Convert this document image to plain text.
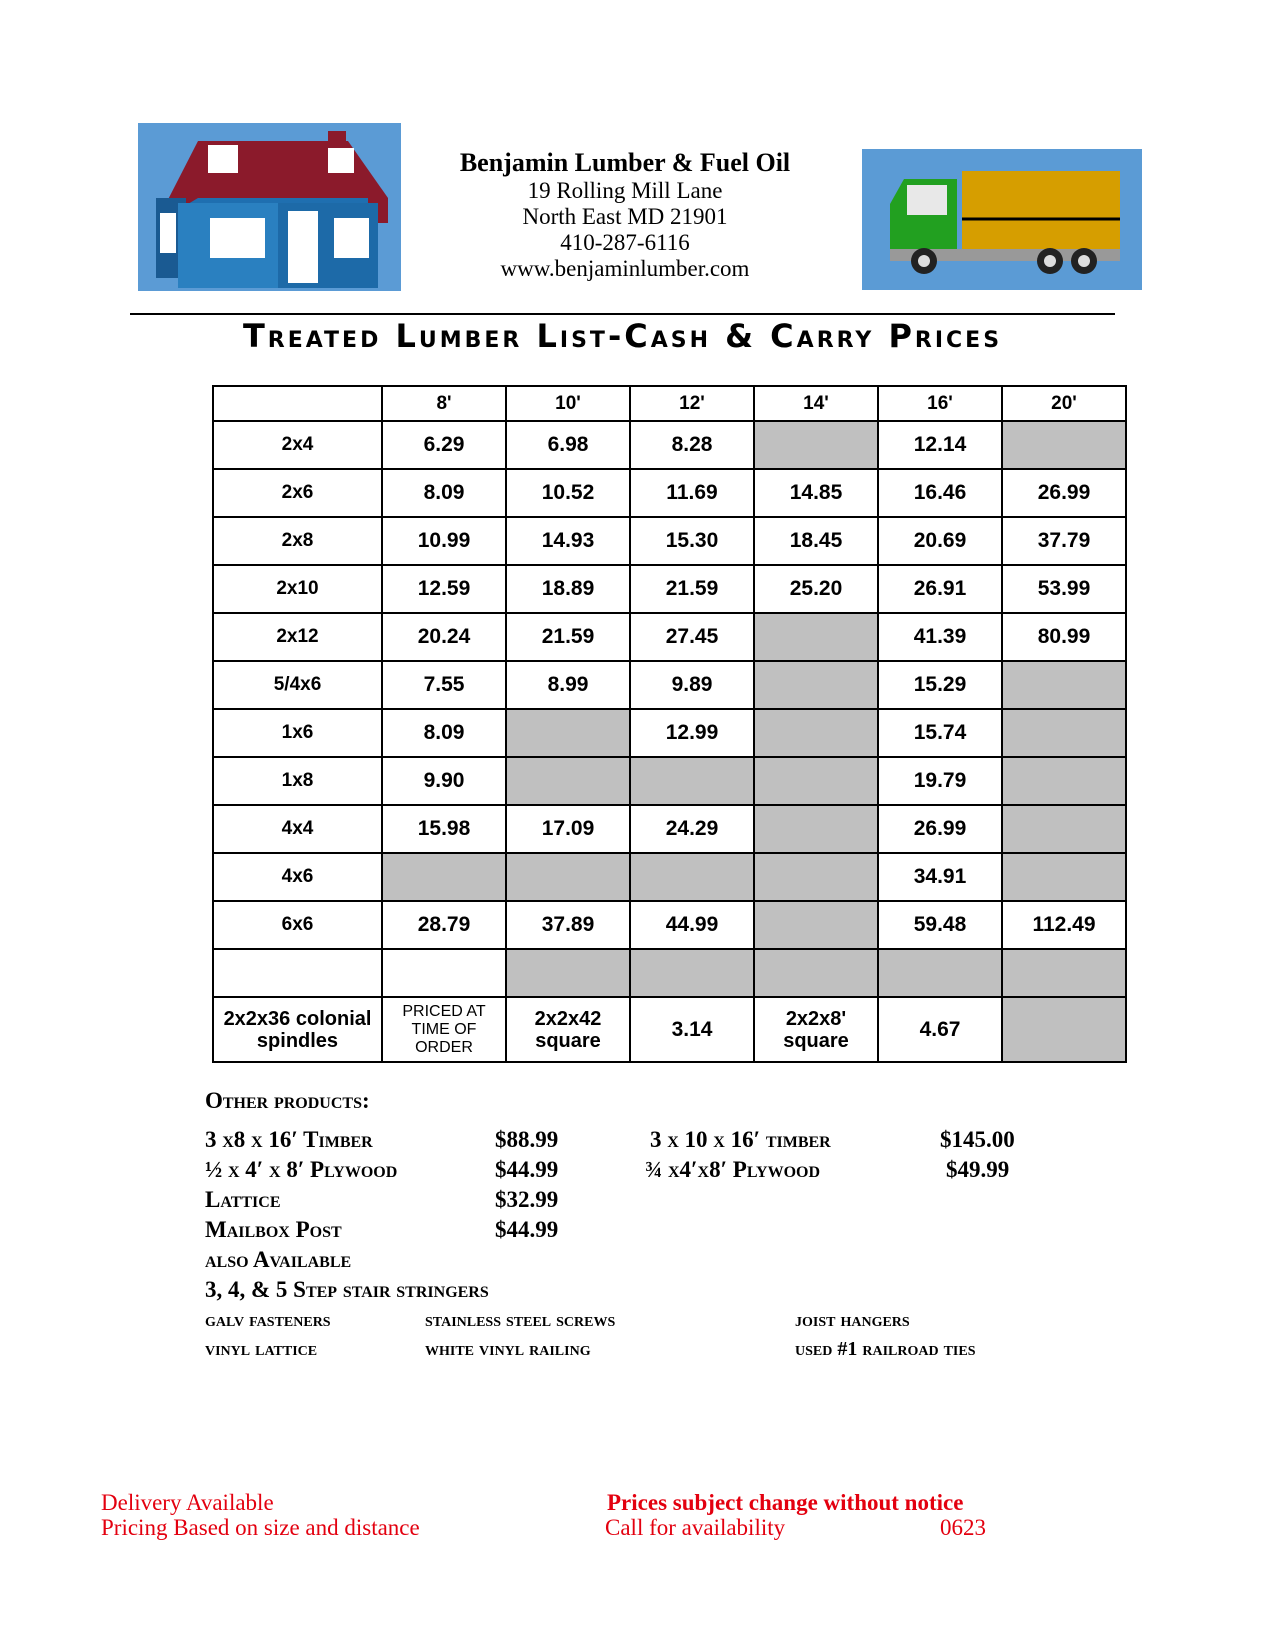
Benjamin Lumber & Fuel Oil
19 Rolling Mill Lane
North East MD 21901
410-287-6116
www.benjaminlumber.com
Treated Lumber List-Cash & Carry Prices
	8'	10'	12'	14'	16'	20'
2x4	6.29	6.98	8.28		12.14	
2x6	8.09	10.52	11.69	14.85	16.46	26.99
2x8	10.99	14.93	15.30	18.45	20.69	37.79
2x10	12.59	18.89	21.59	25.20	26.91	53.99
2x12	20.24	21.59	27.45		41.39	80.99
5/4x6	7.55	8.99	9.89		15.29	
1x6	8.09		12.99		15.74	
1x8	9.90				19.79	
4x4	15.98	17.09	24.29		26.99	
4x6					34.91	
6x6	28.79	37.89	44.99		59.48	112.49

2x2x36 colonial spindles	PRICED AT TIME OF ORDER	2x2x42 square	3.14	2x2x8' square	4.67	
Other products:
3 x8 x 16′ Timber	$88.99
½ x 4′ x 8′ Plywood	$44.99
Lattice	$32.99
Mailbox Post	$44.99
3 x 10 x 16′ timber	$145.00
¾ x4′x8′ Plywood	$49.99
also Available
3, 4, & 5 Step stair stringers
galv fasteners	stainless steel screws	joist hangers
vinyl lattice	white vinyl railing	used #1 railroad ties
Delivery Available
Pricing Based on size and distance
Prices subject change without notice
Call for availability	0623
